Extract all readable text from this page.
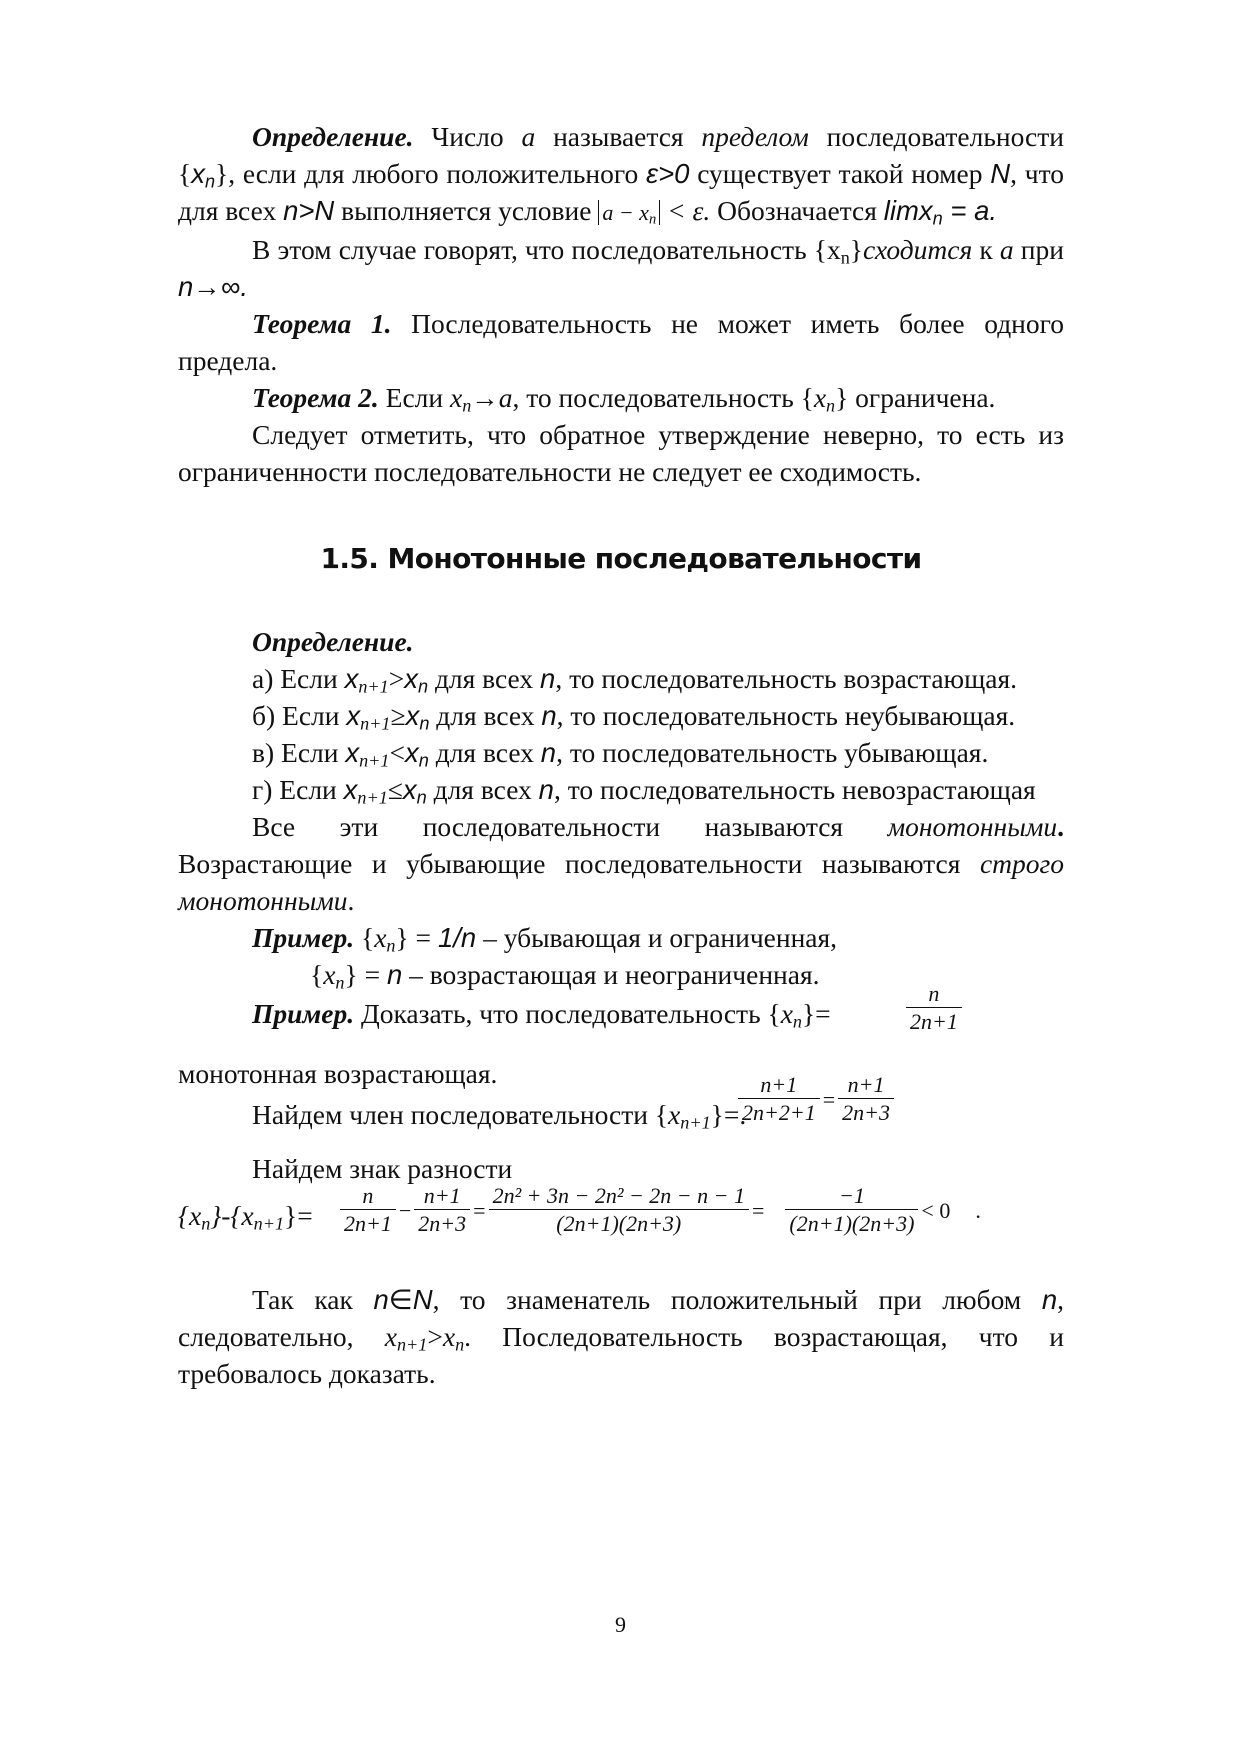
Определение. Число a называется пределом последовательности $\{x_n\}$, если для любого положительного ε>0 существует такой номер N, что для всех n>N выполняется условие $a - x_n < \varepsilon$. Обозначается limx$_n$ = a.

В этом случае говорят, что последовательность $\{x_n\}сходится$ к a при n→∞.

Теорема 1. Последовательность не может иметь более одного предела.

Теорема 2. Если $x_n\to a$, то последовательность $\{x_n\}$ ограничена.

Следует отметить, что обратное утверждение неверно, то есть из ограниченности последовательности не следует ее сходимость.

1.5. Монотонные последовательности

Определение.

а) Если $x_{n+1}>x_n$ для всех n, то последовательность возрастающая.

б) Если $x_{n+1}\ge x_n$ для всех n, то последовательность неубывающая.

в) Если $x_{n+1}<x_n$ для всех n, то последовательность убывающая.

г) Если $x_{n+1}\le x_n$ для всех n, то последовательность невозрастающая

Все эти последовательности называются монотонными. Возрастающие и убывающие последовательности называются строго монотонными.

Пример. $\{x_n\} = 1/n$ – убывающая и ограниченная,

$\{x_n\} = n$ – возрастающая и неограниченная.

Пример. Доказать, что последовательность $\{x_n\}=$	$\frac{n}{2n+1}$

монотонная возрастающая.

Найдем член последовательности $\{x_{n+1}\}=$.
$\frac{n+1}{2n+2+1} = \frac{n+1}{2n+3}$

Найдем знак разности

$\{x_n\}-\{x_{n+1}\}= \frac{n}{2n+1} - \frac{n+1}{2n+3} = \frac{\text{2n² + 3n − 2n² − 2n − n − 1}}{(2n+1)(2n+3)} = \frac{-1}{(2n+1)(2n+3)} < 0$ .

Так как n∈N, то знаменатель положительный при любом n, следовательно, $x_{n+1}>x_n$. Последовательность возрастающая, что и требовалось доказать.

9
